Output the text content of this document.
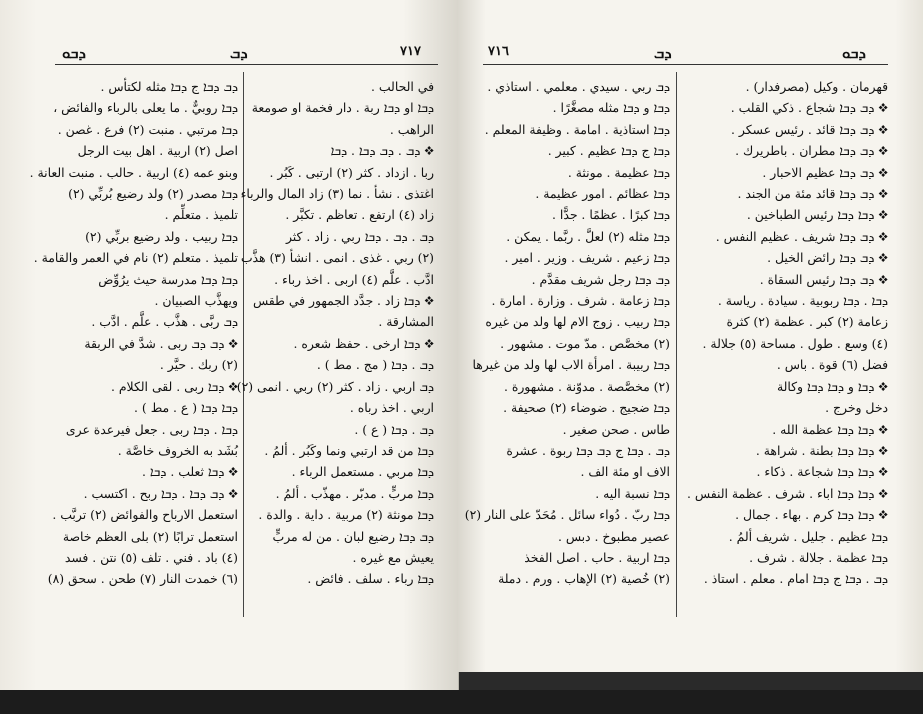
ܕܒܘ	ܕܒ	٧١٧
ܕܒ ܕܒܐ ج ܕܒܐ مثله لكتأس .
ܕܒܐ روبيٌّ . ما يعلى بالرباء والفائض ،
ܕܒܐ مرتبي . منبت (٢) فرع . غصن .
اصل (٢) اربية . اهل بيت الرجل
وبنو عمه (٤) اربية . حالب . منبت العانة .
ܕܒܐ مصدر (٢) ولد رضيع بُربِّي (٢)
تلميذ . متعلِّم .
ܕܒܐ ربيب . ولد رضيع بربِّي (٢)
تلميذ . متعلم (٢) نام في العمر والقامة .
ܕܒܐ ܕܒܐ مدرسة حيث يرُوِّض
ويهذَّب الصبيان .
ܕܒ ربَّى . هذَّب . علَّم . ادَّب .
❖ ܕܒ ܕܒ ربى . شدَّ في الربقة
(٢) ربك . حيَّر .
❖ ܕܒܐ ربى . لقى الكلام .
ܕܒܐ ܕܒܐ ( ع . مط ) .
ܕܒܐ . ܕܒܐ ربى . جعل فيرعدة عرى
بُشَد به الخروف خاصَّة .
❖ ܕܒܐ ثعلب . ܕܒܐ .
❖ ܕܒ ܕܒܐ . ܕܒܐ ربح . اكتسب .
استعمل الارباح والفوائض (٢) تربَّب .
استعمل ترابًا (٢) بلى العظم خاصة
(٤) باد . فني . تلف (٥) نتن . فسد
(٦) خمدت النار (٧) طحن . سحق (٨)
في الحالب .
ܕܒܐ او ܕܒܐ ربة . دار فخمة او صومعة
الراهب .
❖ ܕܒ . ܕܒ ܕܒܐ . ܕܒܐ
ربا . ازداد . كثر (٢) ارتبى . كَبُر .
اغتذى . نشأ . نما (٣) زاد المال والرباء .
زاد (٤) ارتفع . تعاظم . تكبَّر .
ܕܒ . ܕܒ . ܕܒܐ ربي . زاد . كثر
(٢) ربي . غذى . انمى . انشأ (٣) هذَّب .
ادَّب . علَّم (٤) اربى . اخذ رباء .
❖ ܕܒܐ زاد . جدَّد الجمهور في طقس
المشارقة .
❖ ܕܒܐ ارخى . حفظ شعره .
ܕܒ . ܕܒܐ ( مج . مط ) .
ܕܒ اربي . زاد . كثر (٢) ربي . انمى (٢)
اربي . اخذ رباه .
ܕܒ . ܕܒܐ ( ع ) .
ܕܒܐ من قد ارتبي ونما وكَبُر . ألمُ .
ܕܒܐ مربي . مستعمل الرباء .
ܕܒܐ مربٍّ . مدبّر . مهذّب . ألمُ .
ܕܒܐ مونثة (٢) مربية . داية . والدة .
ܕܒ ܕܒܐ رضيع لبان . من له مربٍّ
يعيش مع غيره .
ܕܒܐ رباء . سلف . فائض .
٧١٦	ܕܒ	ܕܒܘ
ܕܒ ربي . سيدي . معلمي . استاذي .
ܕܒܐ و ܕܒܐ مثله مصغَّرًا .
ܕܒܐ استاذية . امامة . وظيفة المعلم .
ܕܒܐ ج ܕܒܐ عظيم . كبير .
ܕܒܐ عظيمة . مونثة .
ܕܒܐ عظائم . امور عظيمة .
ܕܒܐ كبرًا . عظمًا . جدًّا .
ܕܒܐ مثله (٢) لعلَّ . ربَّما . يمكن .
ܕܒܐ زعيم . شريف . وزير . امير .
ܕܒ ܕܒܐ رجل شريف مقدَّم .
ܕܒܐ زعامة . شرف . وزارة . امارة .
ܕܒܐ ربيب . زوج الام لها ولد من غيره
(٢) مخصَّص . مدّ موت . مشهور .
ܕܒܐ ربيبة . امرأة الاب لها ولد من غيرها
(٢) مخصَّصة . مدوّنة . مشهورة .
ܕܒܐ ضجيج . ضوضاء (٢) صحيفة .
طاس . صحن صغير .
ܕܒ . ܕܒܐ ج ܕܒ ܕܒܐ ربوة . عشرة
الاف او مئة الف .
ܕܒܐ نسبة اليه .
ܕܒܐ ربّ . دُواء سائل . مُحَدّ على النار (٢)
عصير مطبوخ . دبس .
ܕܒܐ اربية . حاب . اصل الفخذ
(٢) خُصية (٢) الإهاب . ورم . دملة
قهرمان . وكيل (مصرفدار) .
❖ ܕܒ ܕܒܐ شجاع . ذكي القلب .
❖ ܕܒ ܕܒܐ قائد . رئيس عسكر .
❖ ܕܒ ܕܒܐ مطران . باطريرك .
❖ ܕܒ ܕܒܐ عظيم الاحبار .
❖ ܕܒ ܕܒܐ قائد مئة من الجند .
❖ ܕܒܐ ܕܒܐ رئيس الطباخين .
❖ ܕܒ ܕܒܐ شريف . عظيم النفس .
❖ ܕܒ ܕܒܐ رائض الخيل .
❖ ܕܒ ܕܒܐ رئيس السقاة .
ܕܒܐ . ܕܒܐ ربوبية . سيادة . رياسة .
زعامة (٢) كبر . عظمة (٢) كثرة
(٤) وسع . طول . مساحة (٥) جلالة .
فضل (٦) قوة . باس .
❖ ܕܒܐ و ܕܒܐ ܕܒܐ وكالة
دخل وخرج .
❖ ܕܒܐ ܕܒܐ عظمة الله .
❖ ܕܒܐ ܕܒܐ بطنة . شراهة .
❖ ܕܒܐ ܕܒܐ شجاعة . ذكاء .
❖ ܕܒܐ ܕܒܐ اباء . شرف . عظمة النفس .
❖ ܕܒܐ ܕܒܐ كرم . بهاء . جمال .
ܕܒܐ عظيم . جليل . شريف ألمُ .
ܕܒܐ عظمة . جلالة . شرف .
ܕܒ . ܕܒܐ ج ܕܒܐ امام . معلم . استاذ .
